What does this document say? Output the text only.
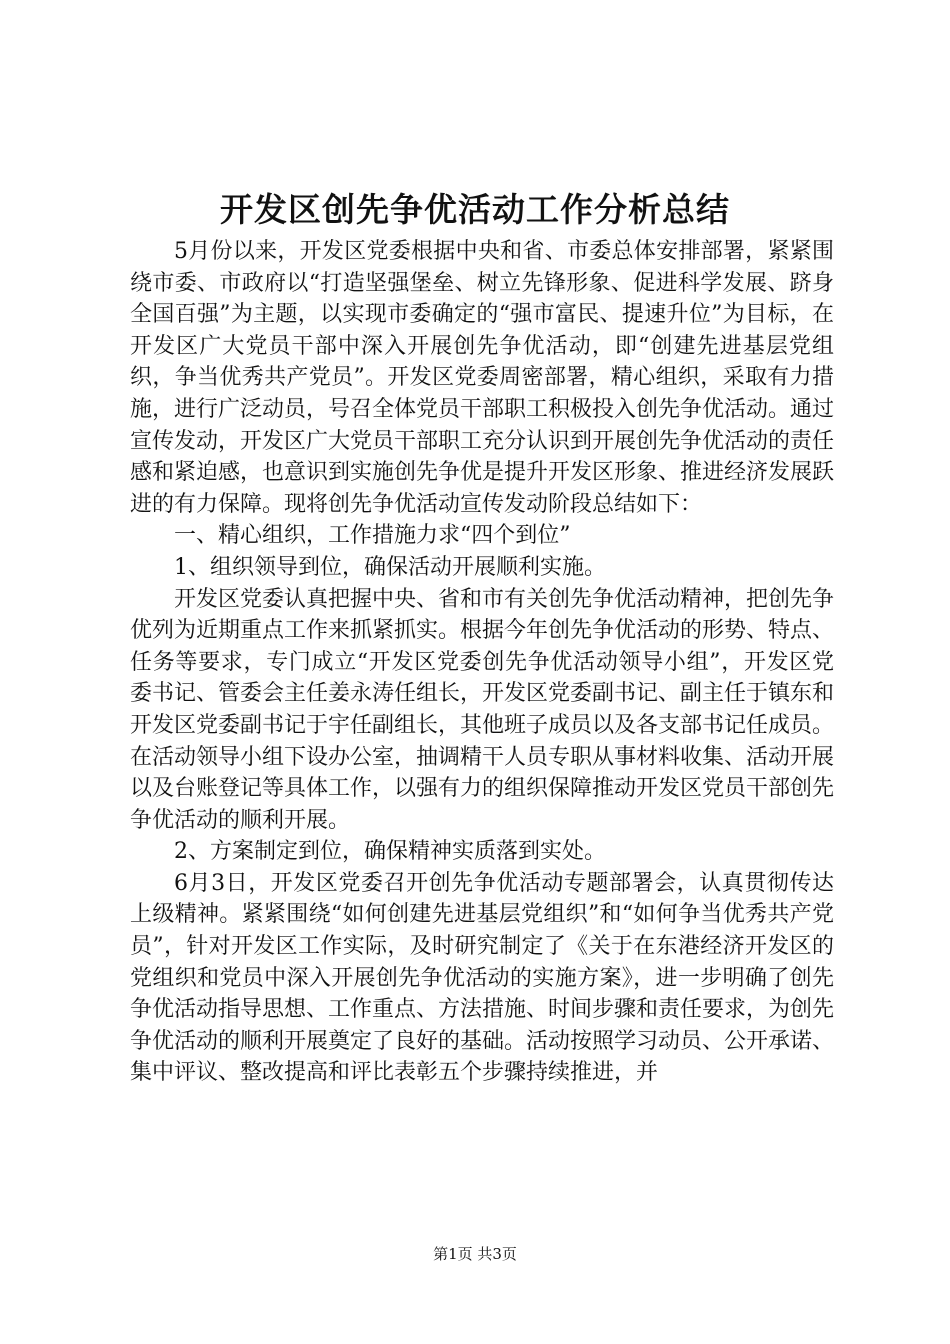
开发区创先争优活动工作分析总结

5月份以来，开发区党委根据中央和省、市委总体安排部署，紧紧围绕市委、市政府以“打造坚强堡垒、树立先锋形象、促进科学发展、跻身全国百强”为主题，以实现市委确定的“强市富民、提速升位”为目标，在开发区广大党员干部中深入开展创先争优活动，即“创建先进基层党组织，争当优秀共产党员”。开发区党委周密部署，精心组织，采取有力措施，进行广泛动员，号召全体党员干部职工积极投入创先争优活动。通过宣传发动，开发区广大党员干部职工充分认识到开展创先争优活动的责任感和紧迫感，也意识到实施创先争优是提升开发区形象、推进经济发展跃进的有力保障。现将创先争优活动宣传发动阶段总结如下：

一、精心组织，工作措施力求“四个到位”

1、组织领导到位，确保活动开展顺利实施。

开发区党委认真把握中央、省和市有关创先争优活动精神，把创先争优列为近期重点工作来抓紧抓实。根据今年创先争优活动的形势、特点、任务等要求，专门成立“开发区党委创先争优活动领导小组”，开发区党委书记、管委会主任姜永涛任组长，开发区党委副书记、副主任于镇东和开发区党委副书记于宇任副组长，其他班子成员以及各支部书记任成员。在活动领导小组下设办公室，抽调精干人员专职从事材料收集、活动开展以及台账登记等具体工作，以强有力的组织保障推动开发区党员干部创先争优活动的顺利开展。

2、方案制定到位，确保精神实质落到实处。

6月3日，开发区党委召开创先争优活动专题部署会，认真贯彻传达上级精神。紧紧围绕“如何创建先进基层党组织”和“如何争当优秀共产党员”，针对开发区工作实际，及时研究制定了《关于在东港经济开发区的党组织和党员中深入开展创先争优活动的实施方案》，进一步明确了创先争优活动指导思想、工作重点、方法措施、时间步骤和责任要求，为创先争优活动的顺利开展奠定了良好的基础。活动按照学习动员、公开承诺、集中评议、整改提高和评比表彰五个步骤持续推进，并

第1页 共3页
